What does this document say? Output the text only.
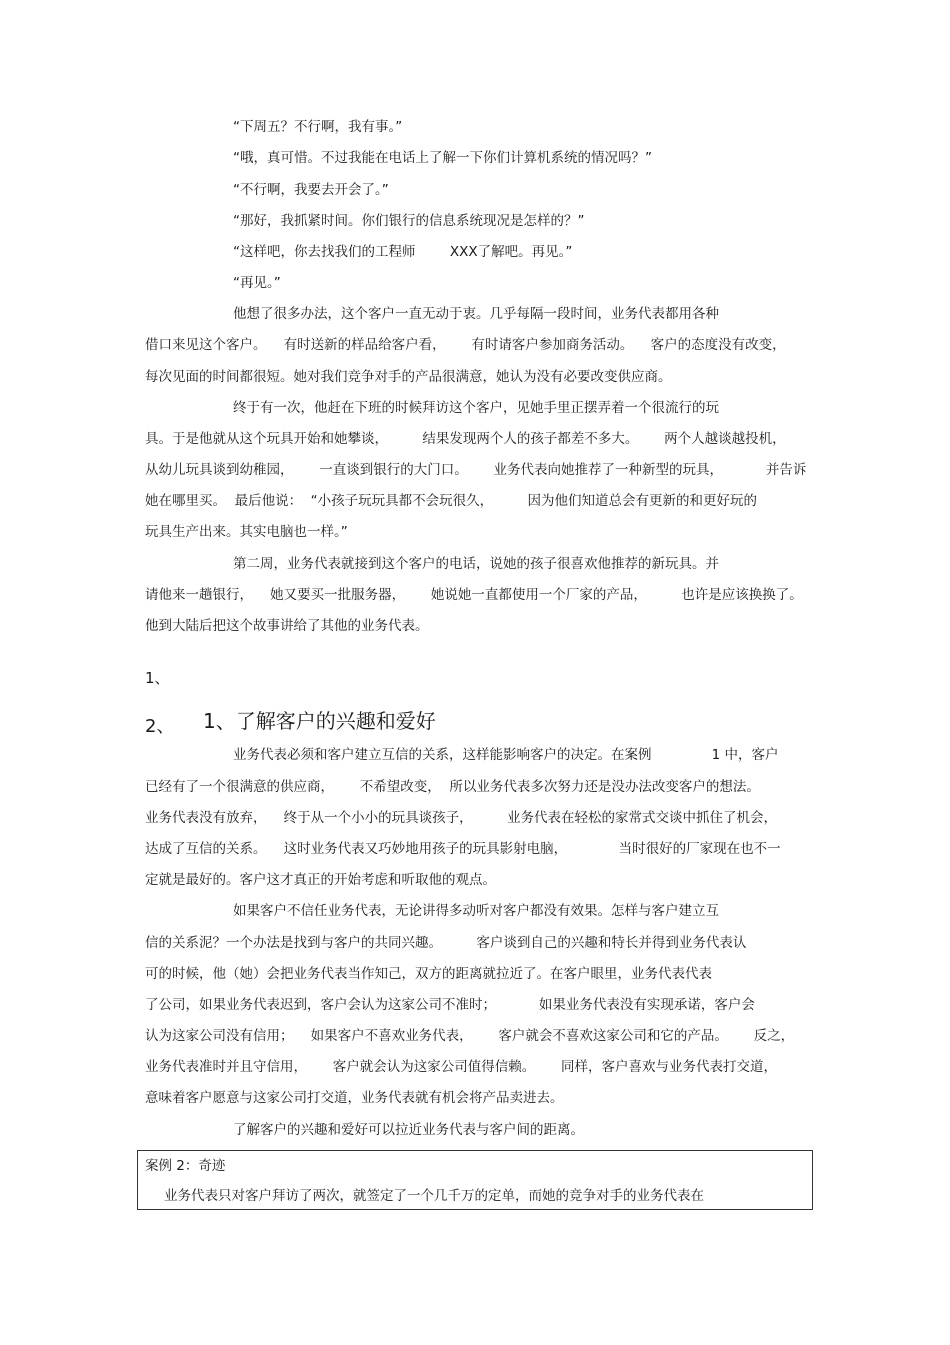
“下周五？不行啊，我有事。”
“哦，真可惜。不过我能在电话上了解一下你们计算机系统的情况吗？”
“不行啊，我要去开会了。”
“那好，我抓紧时间。你们银行的信息系统现况是怎样的？”
“这样吧，你去找我们的工程师        XXX了解吧。再见。”
“再见。”
他想了很多办法，这个客户一直无动于衷。几乎每隔一段时间，业务代表都用各种
借口来见这个客户。    有时送新的样品给客户看，      有时请客户参加商务活动。    客户的态度没有改变，
每次见面的时间都很短。她对我们竞争对手的产品很满意，她认为没有必要改变供应商。
终于有一次，他赶在下班的时候拜访这个客户，见她手里正摆弄着一个很流行的玩
具。于是他就从这个玩具开始和她攀谈，        结果发现两个人的孩子都差不多大。      两个人越谈越投机，
从幼儿玩具谈到幼稚园，      一直谈到银行的大门口。      业务代表向她推荐了一种新型的玩具，          并告诉
她在哪里买。  最后他说：  “小孩子玩玩具都不会玩很久，        因为他们知道总会有更新的和更好玩的
玩具生产出来。其实电脑也一样。”
第二周，业务代表就接到这个客户的电话，说她的孩子很喜欢他推荐的新玩具。并
请他来一趟银行，    她又要买一批服务器，      她说她一直都使用一个厂家的产品，        也许是应该换换了。
他到大陆后把这个故事讲给了其他的业务代表。
1、
2、 1、了解客户的兴趣和爱好
业务代表必须和客户建立互信的关系，这样能影响客户的决定。在案例              1 中，客户
已经有了一个很满意的供应商，      不希望改变，  所以业务代表多次努力还是没办法改变客户的想法。
业务代表没有放弃，    终于从一个小小的玩具谈孩子，        业务代表在轻松的家常式交谈中抓住了机会，
达成了互信的关系。    这时业务代表又巧妙地用孩子的玩具影射电脑，            当时很好的厂家现在也不一
定就是最好的。客户这才真正的开始考虑和听取他的观点。
如果客户不信任业务代表，无论讲得多动听对客户都没有效果。怎样与客户建立互
信的关系泥？一个办法是找到与客户的共同兴趣。        客户谈到自己的兴趣和特长并得到业务代表认
可的时候，他（她）会把业务代表当作知己，双方的距离就拉近了。在客户眼里，业务代表代表
了公司，如果业务代表迟到，客户会认为这家公司不准时；          如果业务代表没有实现承诺，客户会
认为这家公司没有信用；    如果客户不喜欢业务代表，      客户就会不喜欢这家公司和它的产品。      反之，
业务代表准时并且守信用，      客户就会认为这家公司值得信赖。      同样，客户喜欢与业务代表打交道，
意味着客户愿意与这家公司打交道，业务代表就有机会将产品卖进去。
了解客户的兴趣和爱好可以拉近业务代表与客户间的距离。
案例 2：奇迹
业务代表只对客户拜访了两次，就签定了一个几千万的定单，而她的竞争对手的业务代表在
